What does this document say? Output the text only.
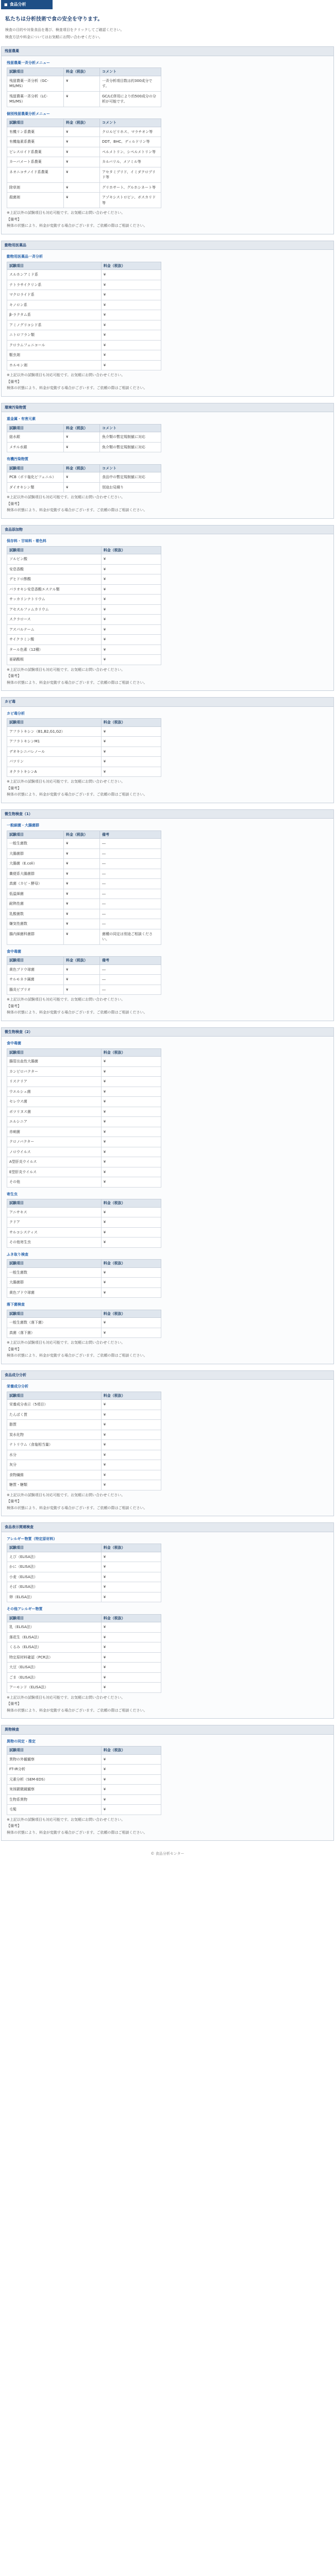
■ 食品分析
私たちは分析技術で食の安全を守ります。

検査の目的や対象食品を選び、検査項目をクリックしてご確認ください。

検査方法や料金についてはお気軽にお問い合わせください。

残留農薬
残留農薬一斉分析メニュー
試験項目	料金（税抜）	コメント
残留農薬一斉分析（GC-MS/MS）	¥	一斉分析項目数は約300成分です。
残留農薬一斉分析（LC-MS/MS）	¥	GC/LC併用により約500成分の分析が可能です。
個別残留農薬分析メニュー
試験項目	料金（税抜）	コメント
有機リン系農薬	¥	クロルピリホス、マラチオン等
有機塩素系農薬	¥	DDT、BHC、ディルドリン等
ピレスロイド系農薬	¥	ペルメトリン、シペルメトリン等
カーバメート系農薬	¥	カルバリル、メソミル等
ネオニコチノイド系農薬	¥	アセタミプリド、イミダクロプリド等
除草剤	¥	グリホサート、グルホシネート等
殺菌剤	¥	アゾキシストロビン、ボスカリド等

※上記以外の試験項目も対応可能です。お気軽にお問い合わせください。

【備考】

検体の状態により、料金が変動する場合がございます。ご依頼の際はご相談ください。

動物用医薬品
動物用医薬品一斉分析
試験項目	料金（税抜）
スルホンアミド系	¥
テトラサイクリン系	¥
マクロライド系	¥
キノロン系	¥
β-ラクタム系	¥
アミノグリコシド系	¥
ニトロフラン類	¥
クロラムフェニコール	¥
駆虫剤	¥
ホルモン剤	¥

※上記以外の試験項目も対応可能です。お気軽にお問い合わせください。

【備考】

検体の状態により、料金が変動する場合がございます。ご依頼の際はご相談ください。

環境汚染物質
重金属・有害元素
試験項目	料金（税抜）	コメント
総水銀	¥	魚介類の暫定規制値に対応
メチル水銀	¥	魚介類の暫定規制値に対応
有機汚染物質
試験項目	料金（税抜）	コメント
PCB（ポリ塩化ビフェニル）	¥	食品中の暫定規制値に対応
ダイオキシン類	¥	別途お見積り

※上記以外の試験項目も対応可能です。お気軽にお問い合わせください。

【備考】

検体の状態により、料金が変動する場合がございます。ご依頼の際はご相談ください。

食品添加物
保存料・甘味料・着色料
試験項目	料金（税抜）
ソルビン酸	¥
安息香酸	¥
デヒドロ酢酸	¥
パラオキシ安息香酸エステル類	¥
サッカリンナトリウム	¥
アセスルファムカリウム	¥
スクラロース	¥
アスパルテーム	¥
サイクラミン酸	¥
タール色素（12種）	¥
亜硝酸根	¥

※上記以外の試験項目も対応可能です。お気軽にお問い合わせください。

【備考】

検体の状態により、料金が変動する場合がございます。ご依頼の際はご相談ください。

カビ毒
カビ毒分析
試験項目	料金（税抜）
アフラトキシン（B1,B2,G1,G2）	¥
アフラトキシンM1	¥
デオキシニバレノール	¥
パツリン	¥
オクラトキシンA	¥

※上記以外の試験項目も対応可能です。お気軽にお問い合わせください。

【備考】

検体の状態により、料金が変動する場合がございます。ご依頼の際はご相談ください。

微生物検査（1）
一般細菌・大腸菌群
試験項目	料金（税抜）	備考
一般生菌数	¥	―
大腸菌群	¥	―
大腸菌（E.coli）	¥	―
糞便系大腸菌群	¥	―
真菌（カビ・酵母）	¥	―
低温細菌	¥	―
耐熱性菌	¥	―
乳酸菌数	¥	―
嫌気性菌数	¥	―
腸内細菌科菌群	¥	菌種の同定は別途ご相談ください。
食中毒菌
試験項目	料金（税抜）	備考
黄色ブドウ球菌	¥	―
サルモネラ属菌	¥	―
腸炎ビブリオ	¥	―

※上記以外の試験項目も対応可能です。お気軽にお問い合わせください。

【備考】

検体の状態により、料金が変動する場合がございます。ご依頼の際はご相談ください。

微生物検査（2）
食中毒菌
試験項目	料金（税抜）
腸管出血性大腸菌	¥
カンピロバクター	¥
リステリア	¥
ウエルシュ菌	¥
セレウス菌	¥
ボツリヌス菌	¥
エルシニア	¥
赤痢菌	¥
クロノバクター	¥
ノロウイルス	¥
A型肝炎ウイルス	¥
E型肝炎ウイルス	¥
その他	¥
寄生虫
試験項目	料金（税抜）
アニサキス	¥
クドア	¥
サルコシスティス	¥
その他寄生虫	¥
ふき取り検査
試験項目	料金（税抜）
一般生菌数	¥
大腸菌群	¥
黄色ブドウ球菌	¥
落下菌検査
試験項目	料金（税抜）
一般生菌数（落下菌）	¥
真菌（落下菌）	¥

※上記以外の試験項目も対応可能です。お気軽にお問い合わせください。

【備考】

検体の状態により、料金が変動する場合がございます。ご依頼の際はご相談ください。

食品成分分析
栄養成分分析
試験項目	料金（税抜）
栄養成分表示（5項目）	¥
たんぱく質	¥
脂質	¥
炭水化物	¥
ナトリウム（食塩相当量）	¥
水分	¥
灰分	¥
食物繊維	¥
糖質・糖類	¥

※上記以外の試験項目も対応可能です。お気軽にお問い合わせください。

【備考】

検体の状態により、料金が変動する場合がございます。ご依頼の際はご相談ください。

食品表示関連検査
アレルギー物質（特定原材料）
試験項目	料金（税抜）
えび（ELISA法）	¥
かに（ELISA法）	¥
小麦（ELISA法）	¥
そば（ELISA法）	¥
卵（ELISA法）	¥
その他アレルギー物質
試験項目	料金（税抜）
乳（ELISA法）	¥
落花生（ELISA法）	¥
くるみ（ELISA法）	¥
特定原材料確認（PCR法）	¥
大豆（ELISA法）	¥
ごま（ELISA法）	¥
アーモンド（ELISA法）	¥

※上記以外の試験項目も対応可能です。お気軽にお問い合わせください。

【備考】

検体の状態により、料金が変動する場合がございます。ご依頼の際はご相談ください。

異物検査
異物の同定・推定
試験項目	料金（税抜）
異物の外観観察	¥
FT-IR分析	¥
元素分析（SEM-EDS）	¥
実体顕微鏡観察	¥
生物系異物	¥
毛髪	¥

※上記以外の試験項目も対応可能です。お気軽にお問い合わせください。

【備考】

検体の状態により、料金が変動する場合がございます。ご依頼の際はご相談ください。

© 食品分析センター
